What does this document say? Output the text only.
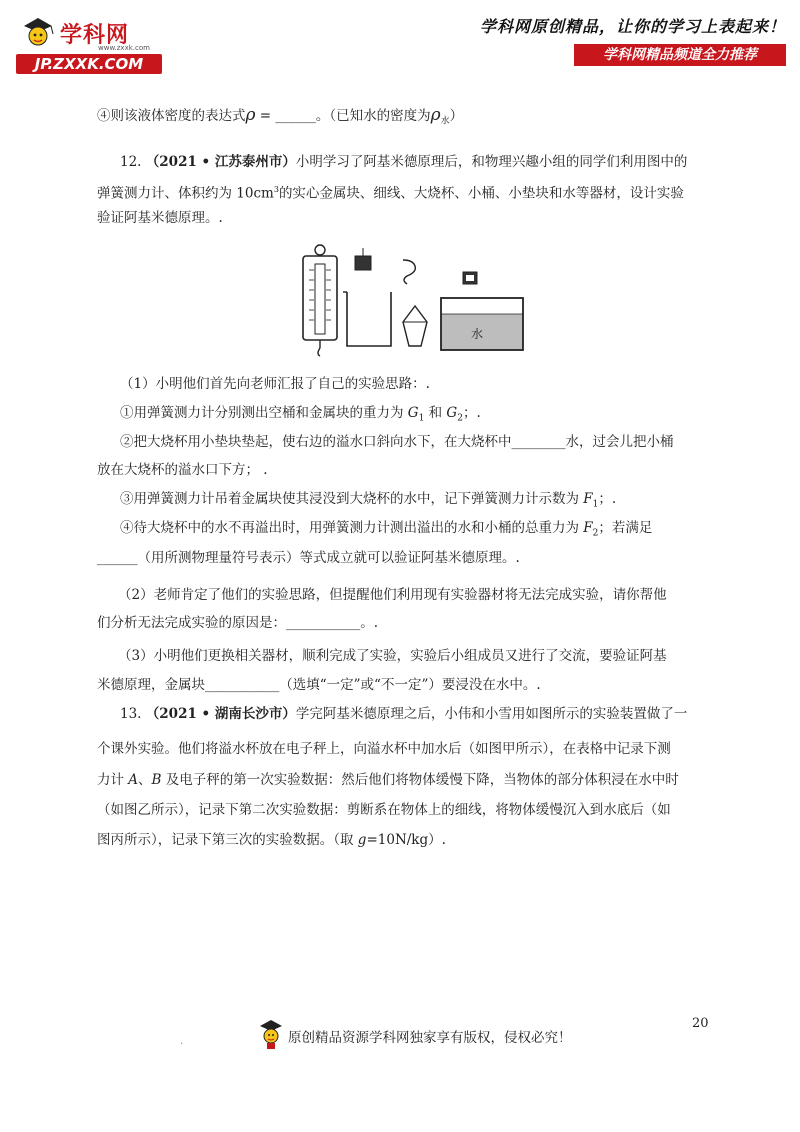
学科网
www.zxxk.com
JP.ZXXK.COM
学科网原创精品，让你的学习上表起来！
学科网精品频道全力推荐
④则该液体密度的表达式ρ = ______。（已知水的密度为$\rho_水$）
12. （2021 • 江苏泰州市）小明学习了阿基米德原理后，和物理兴趣小组的同学们利用图中的
弹簧测力计、体积约为 $10cm^3$的实心金属块、细线、大烧杯、小桶、小垫块和水等器材，设计实验
验证阿基米德原理。.
水
（1）小明他们首先向老师汇报了自己的实验思路：.
①用弹簧测力计分别测出空桶和金属块的重力为 $G_1$ 和 $G_2$；.
②把大烧杯用小垫块垫起，使右边的溢水口斜向水下，在大烧杯中________水，过会儿把小桶
放在大烧杯的溢水口下方； .
③用弹簧测力计吊着金属块使其浸没到大烧杯的水中，记下弹簧测力计示数为 $F_1$；.
④待大烧杯中的水不再溢出时，用弹簧测力计测出溢出的水和小桶的总重力为 $F_2$；若满足
______（用所测物理量符号表示）等式成立就可以验证阿基米德原理。.
（2）老师肯定了他们的实验思路，但提醒他们利用现有实验器材将无法完成实验，请你帮他
们分析无法完成实验的原因是：___________。.
（3）小明他们更换相关器材，顺利完成了实验，实验后小组成员又进行了交流，要验证阿基
米德原理，金属块___________（选填“一定”或“不一定”）要浸没在水中。.
13. （2021 • 湖南长沙市）学完阿基米德原理之后，小伟和小雪用如图所示的实验装置做了一
个课外实验。他们将溢水杯放在电子秤上，向溢水杯中加水后（如图甲所示），在表格中记录下测
力计 A、B 及电子秤的第一次实验数据：然后他们将物体缓慢下降，当物体的部分体积浸在水中时
（如图乙所示），记录下第二次实验数据：剪断系在物体上的细线，将物体缓慢沉入到水底后（如
图丙所示），记录下第三次的实验数据。（取 g=10N/kg）.
20
.	原创精品资源学科网独家享有版权，侵权必究！
